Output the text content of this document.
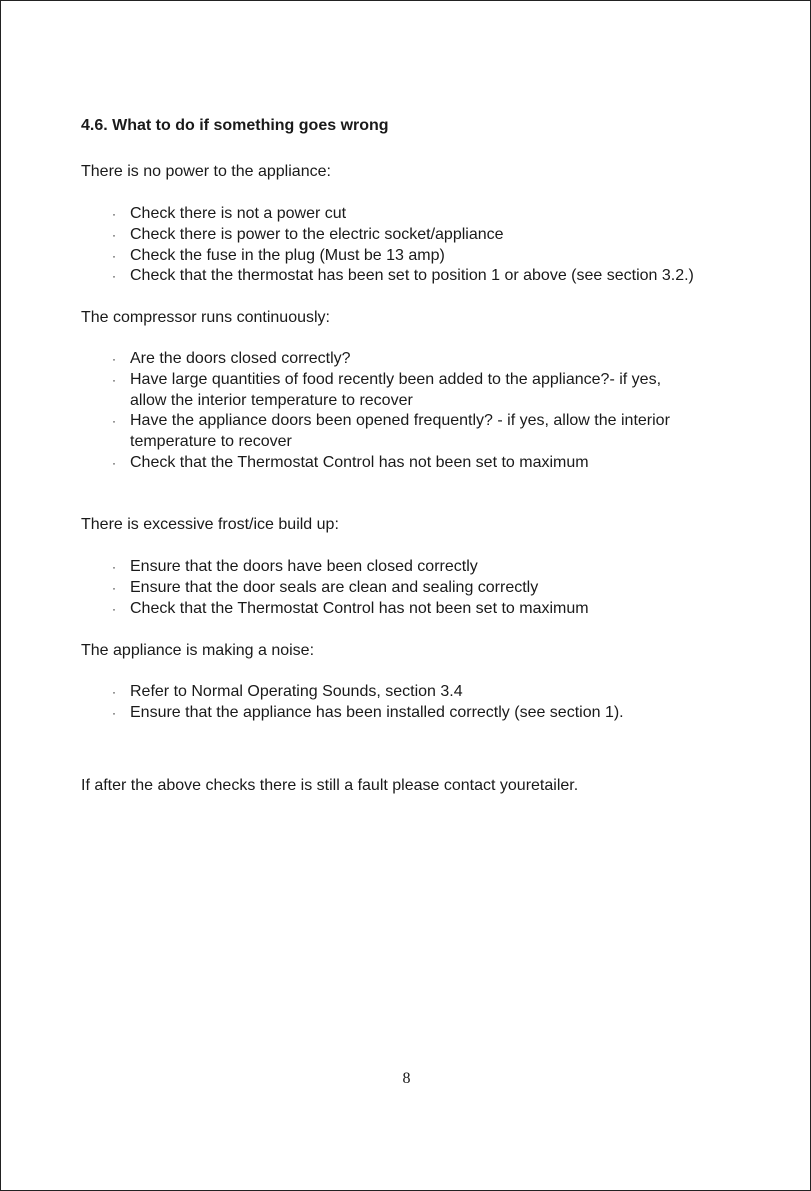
4.6. What to do if something goes wrong

There is no power to the appliance:

· Check there is not a power cut
· Check there is power to the electric socket/appliance
· Check the fuse in the plug (Must be 13 amp)
· Check that the thermostat has been set to position 1 or above (see section 3.2.)

The compressor runs continuously:

· Are the doors closed correctly?
· Have large quantities of food recently been added to the appliance?- if yes,
allow the interior temperature to recover
· Have the appliance doors been opened frequently? - if yes, allow the interior
temperature to recover
· Check that the Thermostat Control has not been set to maximum

There is excessive frost/ice build up:

· Ensure that the doors have been closed correctly
· Ensure that the door seals are clean and sealing correctly
· Check that the Thermostat Control has not been set to maximum

The appliance is making a noise:

· Refer to Normal Operating Sounds, section 3.4
· Ensure that the appliance has been installed correctly (see section 1).

If after the above checks there is still a fault please contact youretailer.

8
